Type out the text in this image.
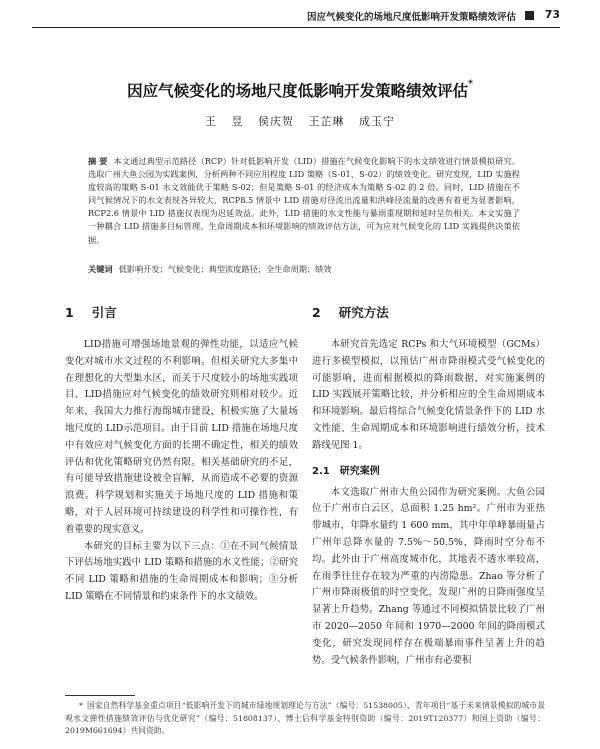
因应气候变化的场地尺度低影响开发策略绩效评估	73
因应气候变化的场地尺度低影响开发策略绩效评估*
王 昱 侯庆贺 王芷琳 成玉宁
摘 要 本文通过典型示范路径（RCP）针对低影响开发（LID）措施在气候变化影响下的水文绩效进行情景模拟研究。选取广州大鱼公园为实践案例，分析两种不同应用程度 LID 策略（S-01、S-02）的绩效变化。研究发现，LID 实施程度较高的策略 S-01 水文效能优于策略 S-02；但是策略 S-01 的经济成本为策略 S-02 的 2 倍。同时，LID 措施在不同气候情况下的水文表现各异较大，RCP8.5 情景中 LID 措施对径流出流量和洪峰径流量的改善有着更为显著影响，RCP2.6 情景中 LID 措施仅表现为迟延效益。此外，LID 措施的水文性能与暴雨重现期和延时呈负相关。本文实施了一种耦合 LID 措施多目标管理、生命周期成本和环境影响的绩效评估方法，可为应对气候变化的 LID 实践提供决策依据。
关键词 低影响开发；气候变化；典型浓度路径；全生命周期；绩效
1 引言

LID措施可增强场地景观的弹性功能，以适应气候变化对城市水文过程的不利影响。但相关研究大多集中在理想化的大型集水区，而关于尺度较小的场地实践项目、LID措施应对气候变化的绩效研究则相对较少。近年来，我国大力推行海绵城市建设，积极实施了大量场地尺度的 LID示范项目。由于目前 LID 措施在场地尺度中有效应对气候变化方面的长期不确定性，相关的绩效评估和优化策略研究仍然有限。相关基础研究的不足，有可能导致措施建设被全盲解，从而造成不必要的资源浪费。科学规划和实施关于场地尺度的 LID 措施和策略，对于人居环境可持续建设的科学性和可操作性，有着重要的现实意义。

本研究的目标主要为以下三点：①在不同气候情景下评估场地实践中 LID 策略和措施的水文性能；②研究不同 LID 策略和措施的生命周期成本和影响；③分析 LID 策略在不同情景和约束条件下的水文绩效。

2 研究方法

本研究首先选定 RCPs 和大气环境模型（GCMs）进行多模型模拟，以预估广州市降雨模式受气候变化的可能影响，进而根据模拟的降雨数据，对实施案例的 LID 实践展开策略比较，并分析相应的全生命周期成本和环境影响。最后将综合气候变化情景条件下的 LID 水文性能、生命周期成本和环境影响进行绩效分析，技术路线见图 1。

2.1 研究案例

本文选取广州市大鱼公园作为研究案例。大鱼公园位于广州市白云区，总面积 1.25 hm²。广州市为亚热带城市，年降水量约 1 600 mm，其中年单峰暴雨量占广州年总降水量的 7.5%～50.5%，降雨时空分布不均。此外由于广州高度城市化，其地表不透水率较高，在雨季往往存在较为严重的内涝隐患。Zhao 等分析了广州市降雨极值的时空变化，发现广州的日降雨强度呈显著上升趋势。Zhang 等通过不同模拟情景比较了广州市 2020—2050 年间和 1970—2000 年间的降雨模式变化，研究发现同样存在极端暴雨事件呈著上升的趋势。受气候条件影响，广州市有必要积

* 国家自然科学基金重点项目“低影响开发下的城市绿地规划理论与方法”（编号：51538005）、青年项目“基于未来情景模拟的城市景观水文弹性措施绩效评估与优化研究”（编号：51808137）、博士后科学基金特别资助（编号：2019T120377）和国上资助（编号：2019M661694）共同资助。
